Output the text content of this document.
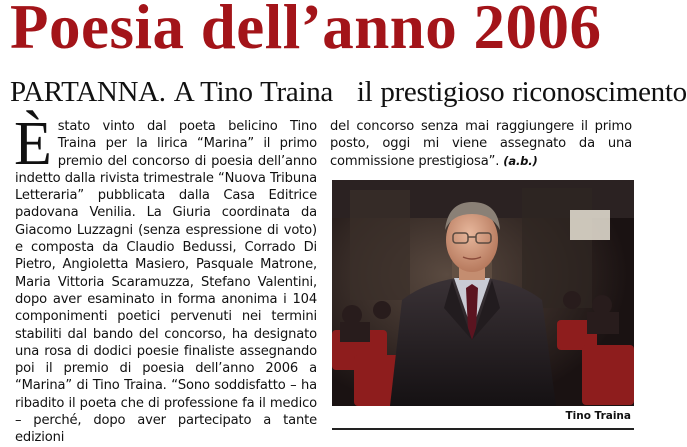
Poesia dell’anno 2006
PARTANNA. A Tino Traina il prestigioso riconoscimento

Èstato vinto dal poeta belicino Tino Traina per la lirica “Marina” il primo premio del concorso di poesia dell’anno indetto dalla rivista trimestrale “Nuova Tribuna Letteraria” pubblicata dalla Casa Editrice padovana Venilia. La Giuria coordinata da Giacomo Luzzagni (senza espressione di voto) e composta da Claudio Bedussi, Corrado Di Pietro, Angioletta Masiero, Pasquale Matrone, Maria Vittoria Scaramuzza, Stefano Valentini, dopo aver esaminato in forma anonima i 104 componimenti poetici pervenuti nei termini stabiliti dal bando del concorso, ha designato una rosa di dodici poesie finaliste assegnando poi il premio di poesia dell’anno 2006 a “Marina” di Tino Traina. “Sono soddisfatto – ha ribadito il poeta che di professione fa il medico – perché, dopo aver partecipato a tante edizioni

del concorso senza mai raggiungere il primo posto, oggi mi viene assegnato da una commissione prestigiosa”. (a.b.)

Tino Traina
